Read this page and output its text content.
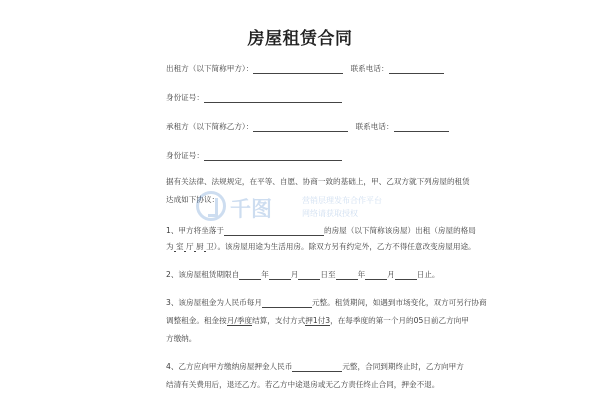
房屋租赁合同
出租方（以下简称甲方）：	联系电话：
身份证号：
承租方（以下简称乙方）：	联系电话：
身份证号：
据有关法律、法规规定，在平等、自愿、协商一致的基础上，甲、乙双方就下列房屋的租赁
达成如下协议：
1、甲方将坐落于	的房屋（以下简称该房屋）出租（房屋的格局
为 室 厅 厨 卫）。该房屋用途为生活用房。除双方另有约定外，乙方不得任意改变房屋用途。
2、该房屋租赁期限自	年	月	日至	年	月	日止。
3、该房屋租金为人民币每月	元整。租赁期间，如遇到市场变化，双方可另行协商
调整租金。租金按月/季度结算，支付方式押1付3，在每季度的第一个月的05日前乙方向甲
方缴纳。
4、乙方应向甲方缴纳房屋押金人民币	元整，合同到期终止时，乙方向甲方
结清有关费用后，退还乙方。若乙方中途退房或无乙方责任终止合同，押金不退。
千图	营销层理发布合作平台
网络请获取授权
